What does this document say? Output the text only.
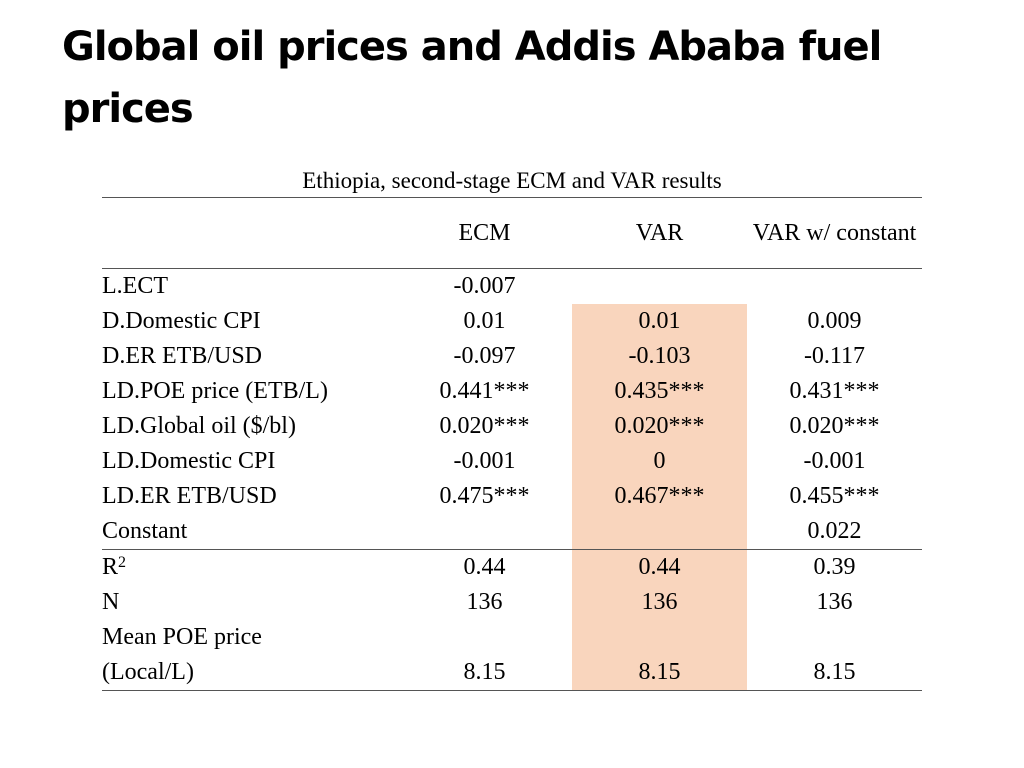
Global oil prices and Addis Ababa fuel prices
Ethiopia, second-stage ECM and VAR results
	ECM	VAR	VAR w/ constant
L.ECT	-0.007		
D.Domestic CPI	0.01	0.01	0.009
D.ER ETB/USD	-0.097	-0.103	-0.117
LD.POE price (ETB/L)	0.441***	0.435***	0.431***
LD.Global oil ($/bl)	0.020***	0.020***	0.020***
LD.Domestic CPI	-0.001	0	-0.001
LD.ER ETB/USD	0.475***	0.467***	0.455***
Constant			0.022
$R^2$	0.44	0.44	0.39
N	136	136	136

Mean POE price
(Local/L)	8.15	8.15	8.15
